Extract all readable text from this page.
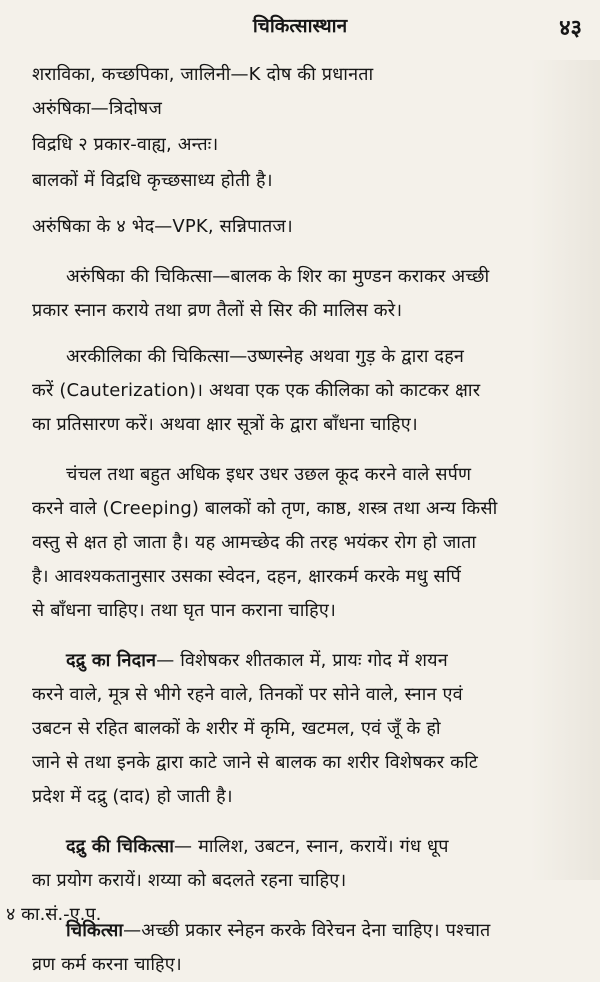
चिकित्सास्थान	४३
शराविका, कच्छपिका, जालिनी—K दोष की प्रधानता
अरुंषिका—त्रिदोषज
विद्रधि २ प्रकार-वाह्य, अन्तः।
बालकों में विद्रधि कृच्छसाध्य होती है।
अरुंषिका के ४ भेद—VPK, सन्निपातज।
अरुंषिका की चिकित्सा—बालक के शिर का मुण्डन कराकर अच्छी
प्रकार स्नान कराये तथा व्रण तैलों से सिर की मालिस करे।
अरकीलिका की चिकित्सा—उष्णस्नेह अथवा गुड़ के द्वारा दहन
करें (Cauterization)। अथवा एक एक कीलिका को काटकर क्षार
का प्रतिसारण करें। अथवा क्षार सूत्रों के द्वारा बाँधना चाहिए।
चंचल तथा बहुत अधिक इधर उधर उछल कूद करने वाले सर्पण
करने वाले (Creeping) बालकों को तृण, काष्ठ, शस्त्र तथा अन्य किसी
वस्तु से क्षत हो जाता है। यह आमच्छेद की तरह भयंकर रोग हो जाता
है। आवश्यकतानुसार उसका स्वेदन, दहन, क्षारकर्म करके मधु सर्पि
से बाँधना चाहिए। तथा घृत पान कराना चाहिए।
दद्रु का निदान— विशेषकर शीतकाल में, प्रायः गोद में शयन
करने वाले, मूत्र से भीगे रहने वाले, तिनकों पर सोने वाले, स्नान एवं
उबटन से रहित बालकों के शरीर में कृमि, खटमल, एवं जूँ के हो
जाने से तथा इनके द्वारा काटे जाने से बालक का शरीर विशेषकर कटि
प्रदेश में दद्रु (दाद) हो जाती है।
दद्रु की चिकित्सा— मालिश, उबटन, स्नान, करायें। गंध धूप
का प्रयोग करायें। शय्या को बदलते रहना चाहिए।
चिकित्सा—अच्छी प्रकार स्नेहन करके विरेचन देना चाहिए। पश्चात
व्रण कर्म करना चाहिए।
४ का.सं.-ए.प.
